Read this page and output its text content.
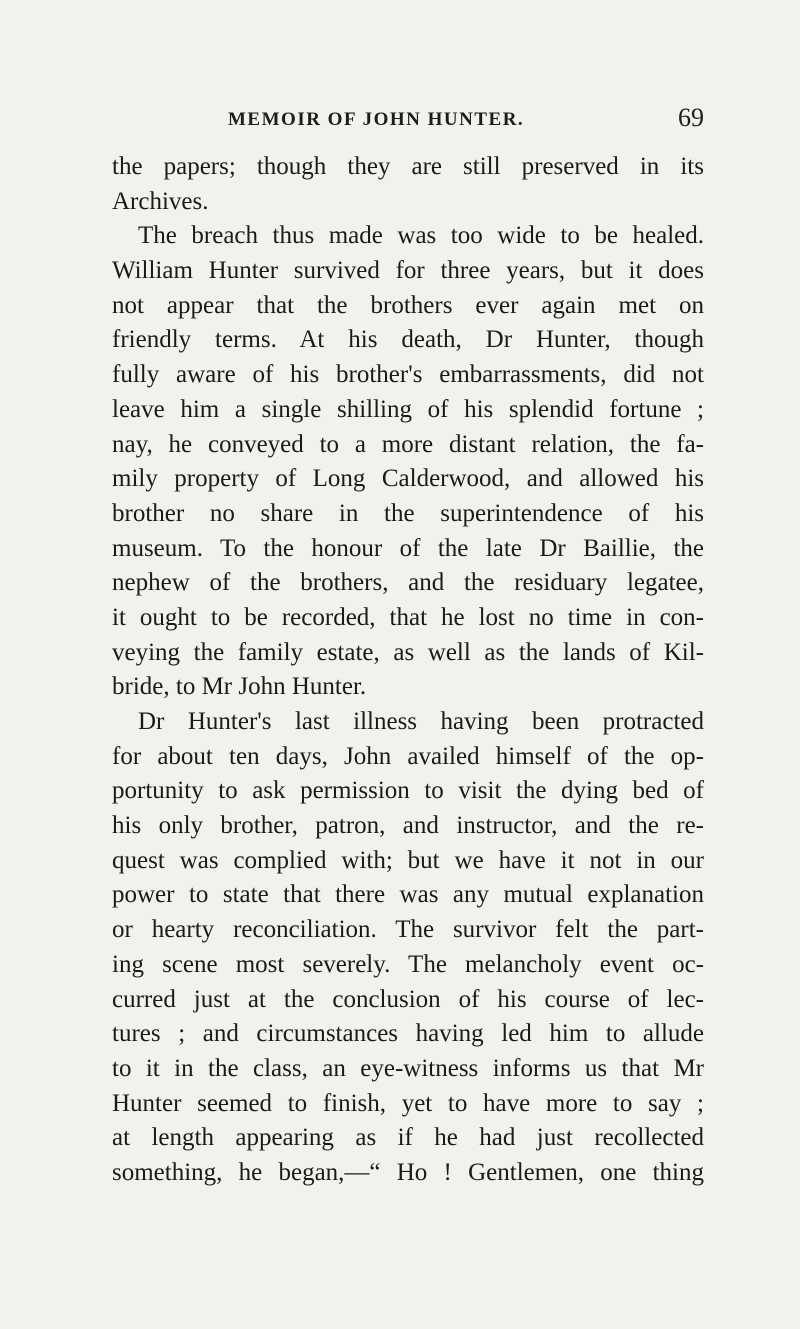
MEMOIR OF JOHN HUNTER.	69
the papers; though they are still preserved in its
Archives.
The breach thus made was too wide to be healed.
William Hunter survived for three years, but it does
not appear that the brothers ever again met on
friendly terms. At his death, Dr Hunter, though
fully aware of his brother's embarrassments, did not
leave him a single shilling of his splendid fortune ;
nay, he conveyed to a more distant relation, the fa-
mily property of Long Calderwood, and allowed his
brother no share in the superintendence of his
museum. To the honour of the late Dr Baillie, the
nephew of the brothers, and the residuary legatee,
it ought to be recorded, that he lost no time in con-
veying the family estate, as well as the lands of Kil-
bride, to Mr John Hunter.
Dr Hunter's last illness having been protracted
for about ten days, John availed himself of the op-
portunity to ask permission to visit the dying bed of
his only brother, patron, and instructor, and the re-
quest was complied with; but we have it not in our
power to state that there was any mutual explanation
or hearty reconciliation. The survivor felt the part-
ing scene most severely. The melancholy event oc-
curred just at the conclusion of his course of lec-
tures ; and circumstances having led him to allude
to it in the class, an eye-witness informs us that Mr
Hunter seemed to finish, yet to have more to say ;
at length appearing as if he had just recollected
something, he began,—“ Ho ! Gentlemen, one thing
